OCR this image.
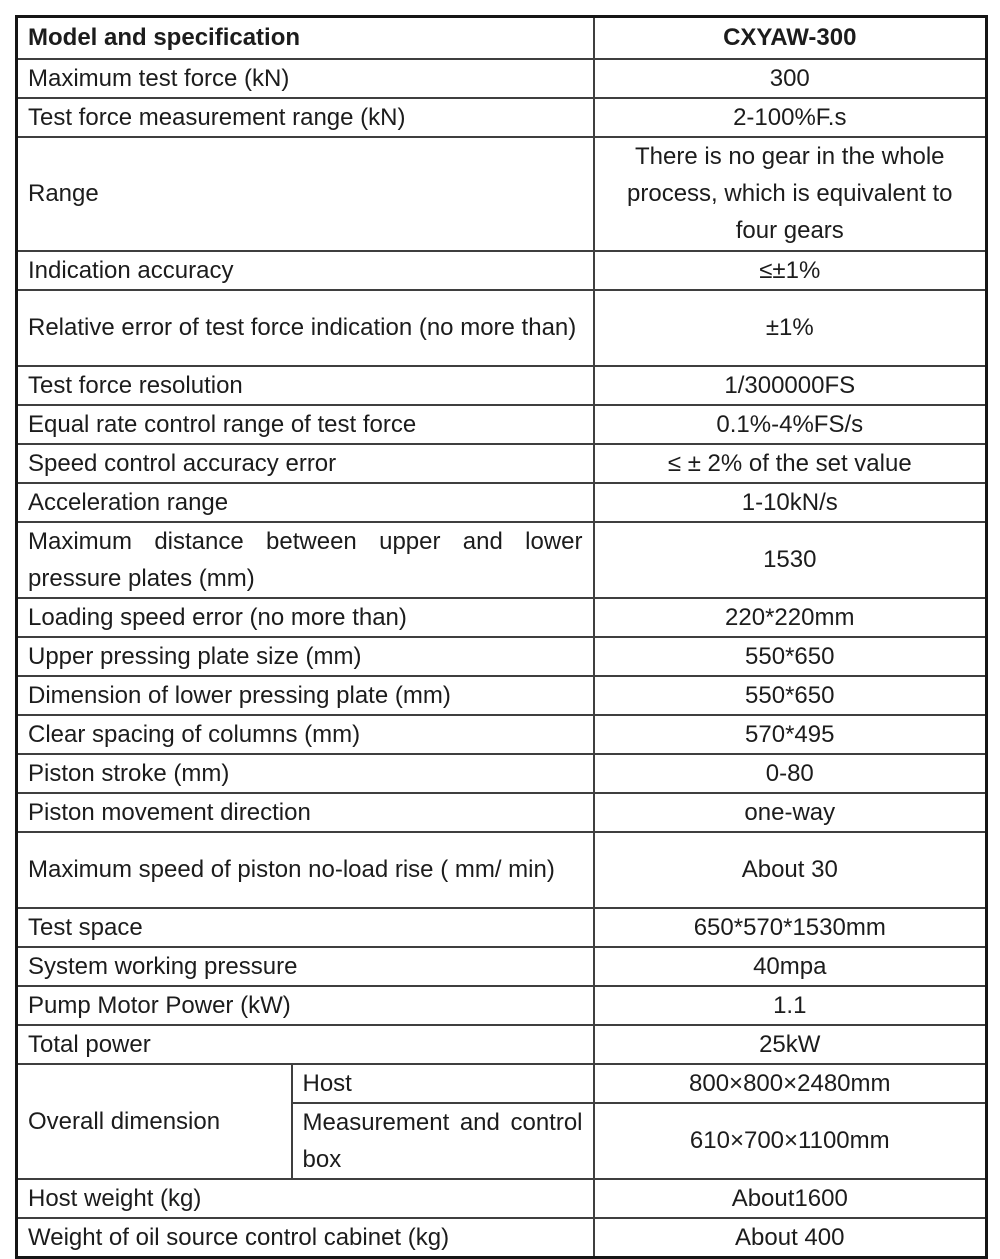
Model and specification		CXYAW-300
Maximum test force (kN)		300
Test force measurement range (kN)		2-100%F.s
Range		There is no gear in the whole process, which is equivalent to four gears
Indication accuracy		≤±1%
Relative error of test force indication (no more than)		±1%
Test force resolution		1/300000FS
Equal rate control range of test force		0.1%-4%FS/s
Speed control accuracy error		≤ ± 2% of the set value
Acceleration range		1-10kN/s
Maximum distance between upper and lower pressure plates (mm)		1530
Loading speed error (no more than)		220*220mm
Upper pressing plate size (mm)		550*650
Dimension of lower pressing plate (mm)		550*650
Clear spacing of columns (mm)		570*495
Piston stroke (mm)		0-80
Piston movement direction		one-way
Maximum speed of piston no-load rise ( mm/ min)		About 30
Test space		650*570*1530mm
System working pressure		40mpa
Pump Motor Power (kW)		1.1
Total power		25kW
Overall dimension	Host	800×800×2480mm
	Measurement and control box	610×700×1100mm
Host weight (kg)		About1600
Weight of oil source control cabinet (kg)		About 400
